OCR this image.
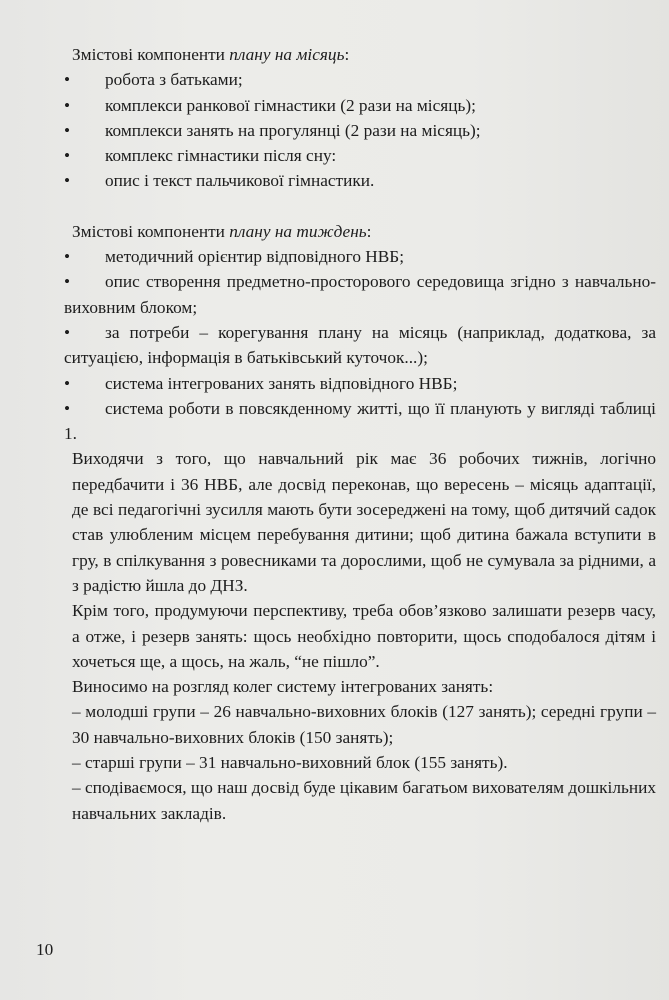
Змістові компоненти плану на місяць:

•	робота з батьками;

•	комплекси ранкової гімнастики (2 рази на місяць);

•	комплекси занять на прогулянці (2 рази на місяць);

•	комплекс гімнастики після сну:

•	опис і текст пальчикової гімнастики.

Змістові компоненти плану на тиждень:

•	методичний орієнтир відповідного НВБ;

• опис створення предметно-просторового середовища згідно з навчально-виховним блоком;

• за потреби – корегування плану на місяць (наприклад, додаткова, за ситуацією, інформація в батьківський куточок...);

•	система інтегрованих занять відповідного НВБ;

• система роботи в повсякденному житті, що її планують у вигляді таблиці 1.

Виходячи з того, що навчальний рік має 36 робочих тижнів, логічно передбачити і 36 НВБ, але досвід переконав, що вересень – місяць адаптації, де всі педагогічні зусилля мають бути зосереджені на тому, щоб дитячий садок став улюбленим місцем перебування дитини; щоб дитина бажала вступити в гру, в спілкування з ровесниками та дорослими, щоб не сумувала за рідними, а з радістю йшла до ДНЗ.

Крім того, продумуючи перспективу, треба обов’язково залишати резерв часу, а отже, і резерв занять: щось необхідно повторити, щось сподобалося дітям і хочеться ще, а щось, на жаль, “не пішло”.

Виносимо на розгляд колег систему інтегрованих занять:

– молодші групи – 26 навчально-виховних блоків (127 занять); середні групи – 30 навчально-виховних блоків (150 занять);

– старші групи – 31 навчально-виховний блок (155 занять).

– сподіваємося, що наш досвід буде цікавим багатьом вихователям дошкільних навчальних закладів.

10
